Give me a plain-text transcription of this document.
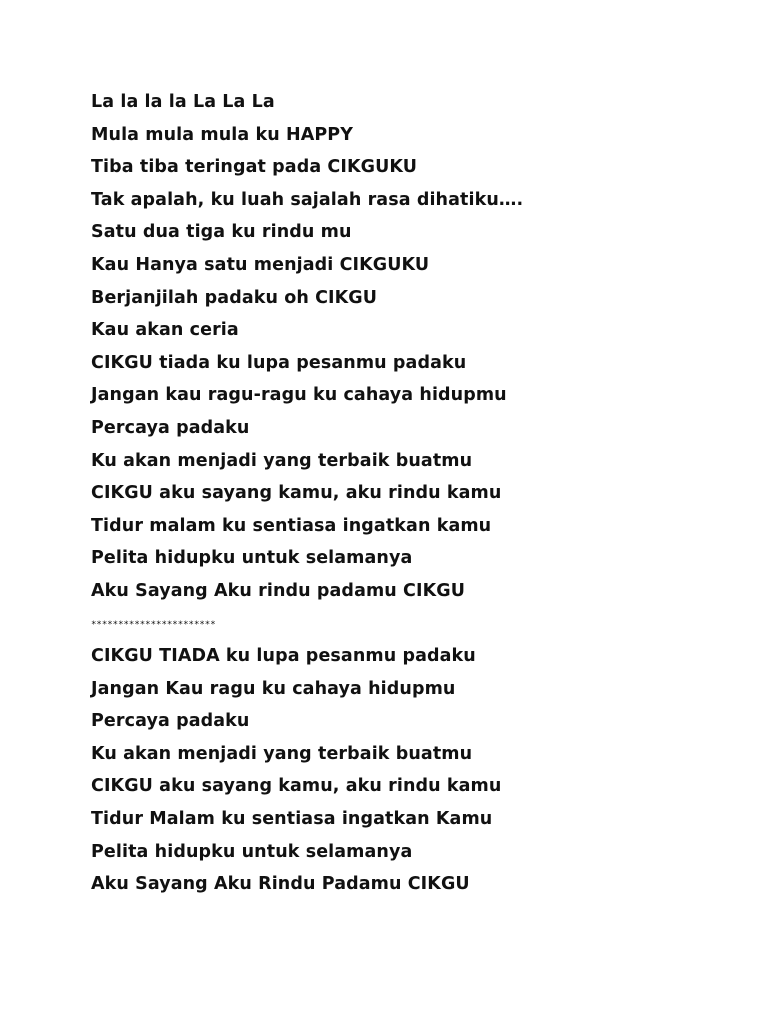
La la la la La La La
Mula mula mula ku HAPPY
Tiba tiba teringat pada CIKGUKU
Tak apalah, ku luah sajalah rasa dihatiku….
Satu dua tiga ku rindu mu
Kau Hanya satu menjadi CIKGUKU
Berjanjilah padaku oh CIKGU
Kau akan ceria
CIKGU tiada ku lupa pesanmu padaku
Jangan kau ragu-ragu ku cahaya hidupmu
Percaya padaku
Ku akan menjadi yang terbaik buatmu
CIKGU aku sayang kamu, aku rindu kamu
Tidur malam ku sentiasa ingatkan kamu
Pelita hidupku untuk selamanya
Aku Sayang Aku rindu padamu CIKGU
***********************
CIKGU TIADA ku lupa pesanmu padaku
Jangan Kau ragu ku cahaya hidupmu
Percaya padaku
Ku akan menjadi yang terbaik buatmu
CIKGU aku sayang kamu, aku rindu kamu
Tidur Malam ku sentiasa ingatkan Kamu
Pelita hidupku untuk selamanya
Aku Sayang Aku Rindu Padamu CIKGU
